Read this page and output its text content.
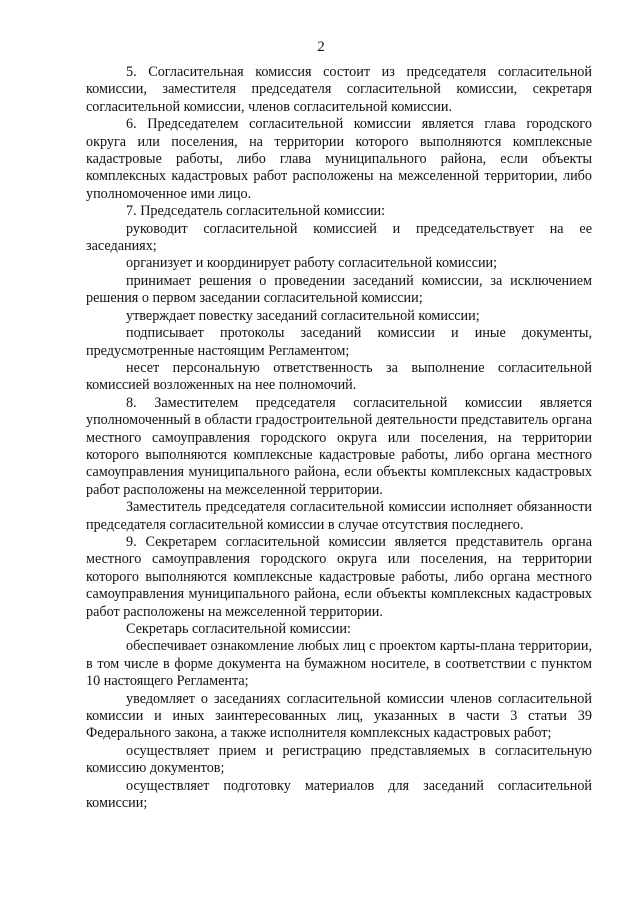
2

5. Согласительная комиссия состоит из председателя согласительной комиссии, заместителя председателя согласительной комиссии, секретаря согласительной комиссии, членов согласительной комиссии.

6. Председателем согласительной комиссии является глава городского округа или поселения, на территории которого выполняются комплексные кадастровые работы, либо глава муниципального района, если объекты комплексных кадастровых работ расположены на межселенной территории, либо уполномоченное ими лицо.

7. Председатель согласительной комиссии:

руководит согласительной комиссией и председательствует на ее заседаниях;

организует и координирует работу согласительной комиссии;

принимает решения о проведении заседаний комиссии, за исключением решения о первом заседании согласительной комиссии;

утверждает повестку заседаний согласительной комиссии;

подписывает протоколы заседаний комиссии и иные документы, предусмотренные настоящим Регламентом;

несет персональную ответственность за выполнение согласительной комиссией возложенных на нее полномочий.

8. Заместителем председателя согласительной комиссии является уполномоченный в области градостроительной деятельности представитель органа местного самоуправления городского округа или поселения, на территории которого выполняются комплексные кадастровые работы, либо органа местного самоуправления муниципального района, если объекты комплексных кадастровых работ расположены на межселенной территории.

Заместитель председателя согласительной комиссии исполняет обязанности председателя согласительной комиссии в случае отсутствия последнего.

9. Секретарем согласительной комиссии является представитель органа местного самоуправления городского округа или поселения, на территории которого выполняются комплексные кадастровые работы, либо органа местного самоуправления муниципального района, если объекты комплексных кадастровых работ расположены на межселенной территории.

Секретарь согласительной комиссии:

обеспечивает ознакомление любых лиц с проектом карты-плана территории, в том числе в форме документа на бумажном носителе, в соответствии с пунктом 10 настоящего Регламента;

уведомляет о заседаниях согласительной комиссии членов согласительной комиссии и иных заинтересованных лиц, указанных в части 3 статьи 39 Федерального закона, а также исполнителя комплексных кадастровых работ;

осуществляет прием и регистрацию представляемых в согласительную комиссию документов;

осуществляет подготовку материалов для заседаний согласительной комиссии;
